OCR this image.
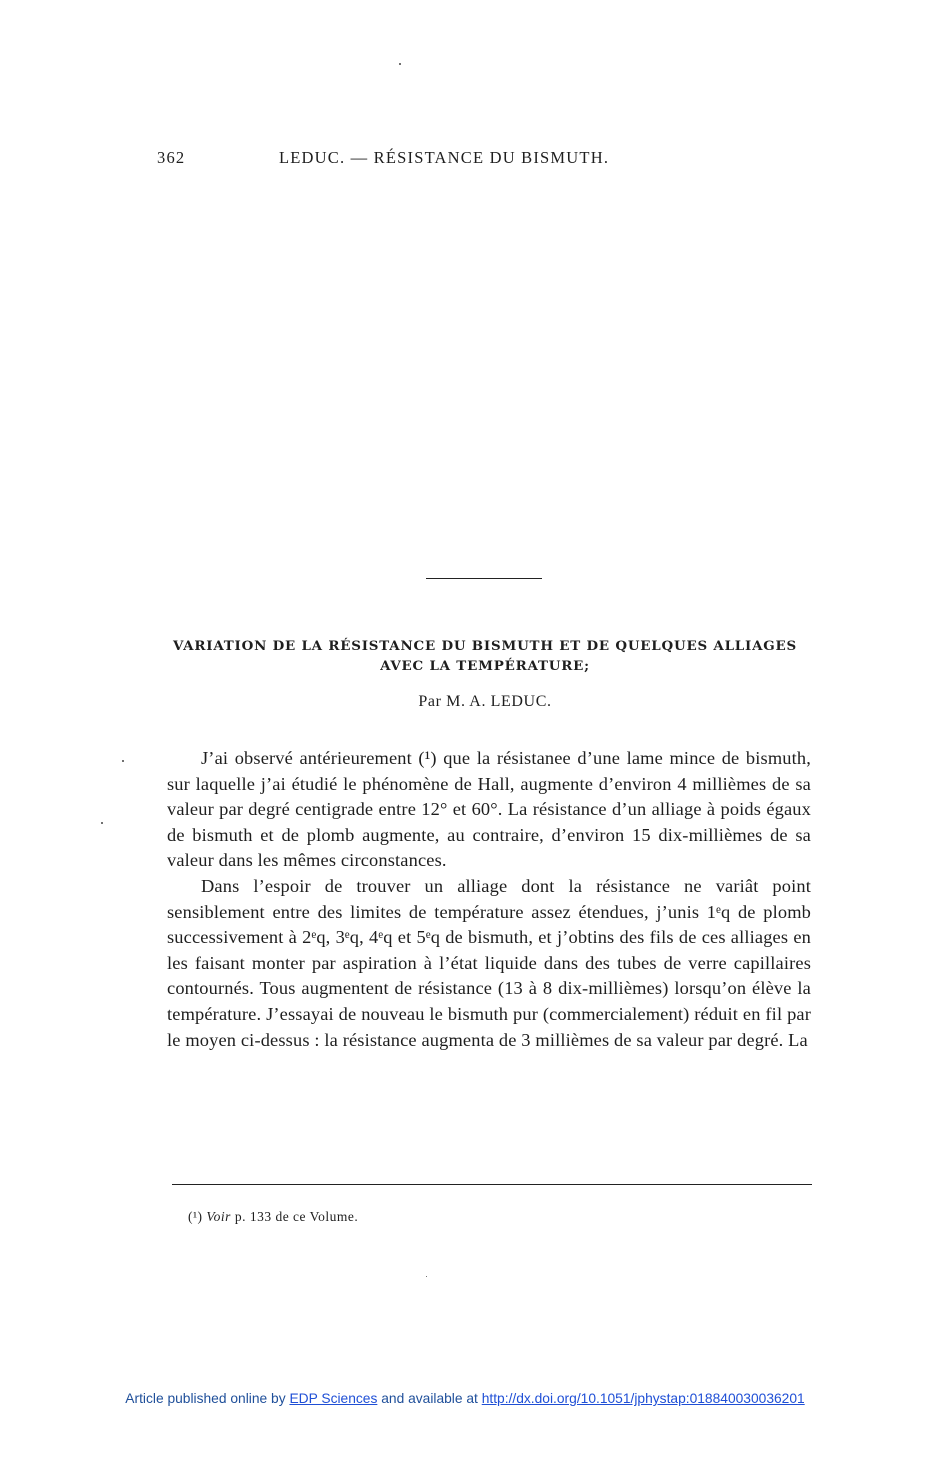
362	LEDUC. — RÉSISTANCE DU BISMUTH.
VARIATION DE LA RÉSISTANCE DU BISMUTH ET DE QUELQUES ALLIAGES
AVEC LA TEMPÉRATURE;
Par M. A. LEDUC.

J’ai observé antérieurement (¹) que la résistanee d’une lame mince de bismuth, sur laquelle j’ai étudié le phénomène de Hall, augmente d’environ 4 millièmes de sa valeur par degré centigrade entre 12° et 60°. La résistance d’un alliage à poids égaux de bismuth et de plomb augmente, au contraire, d’environ 15 dix-millièmes de sa valeur dans les mêmes circonstances.

Dans l’espoir de trouver un alliage dont la résistance ne variât point sensiblement entre des limites de température assez étendues, j’unis 1ᵉq de plomb successivement à 2ᵉq, 3ᵉq, 4ᵉq et 5ᵉq de bismuth, et j’obtins des fils de ces alliages en les faisant monter par aspiration à l’état liquide dans des tubes de verre capillaires contournés. Tous augmentent de résistance (13 à 8 dix-millièmes) lorsqu’on élève la température. J’essayai de nouveau le bismuth pur (commercialement) réduit en fil par le moyen ci-dessus : la résistance augmenta de 3 millièmes de sa valeur par degré. La

(¹) Voir p. 133 de ce Volume.
Article published online by EDP Sciences and available at http://dx.doi.org/10.1051/jphystap:018840030036201
